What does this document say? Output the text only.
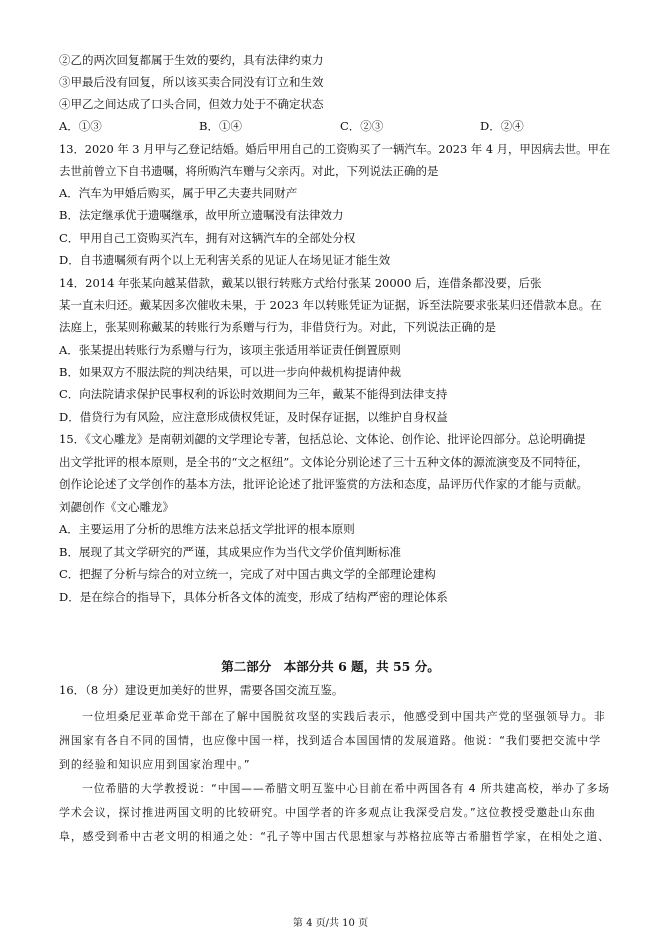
②乙的两次回复都属于生效的要约，具有法律约束力
③甲最后没有回复，所以该买卖合同没有订立和生效
④甲乙之间达成了口头合同，但效力处于不确定状态
A．①③	B．①④	C．②③	D．②④
13．2020 年 3 月甲与乙登记结婚。婚后甲用自己的工资购买了一辆汽车。2023 年 4 月，甲因病去世。甲在
去世前曾立下自书遗嘱，将所购汽车赠与父亲丙。对此，下列说法正确的是
A．汽车为甲婚后购买，属于甲乙夫妻共同财产
B．法定继承优于遗嘱继承，故甲所立遗嘱没有法律效力
C．甲用自己工资购买汽车，拥有对这辆汽车的全部处分权
D．自书遗嘱须有两个以上无利害关系的见证人在场见证才能生效
14．2014 年张某向越某借款，戴某以银行转账方式给付张某 20000 后，连借条都没要，后张
某一直未归还。戴某因多次催收未果，于 2023 年以转账凭证为证据，诉至法院要求张某归还借款本息。在
法庭上，张某则称戴某的转账行为系赠与行为，非借贷行为。对此，下列说法正确的是
A．张某提出转账行为系赠与行为，该项主张适用举证责任倒置原则
B．如果双方不服法院的判决结果，可以进一步向仲裁机构提请仲裁
C．向法院请求保护民事权利的诉讼时效期间为三年，戴某不能得到法律支持
D．借贷行为有风险，应注意形成债权凭证，及时保存证据，以维护自身权益
15．《文心雕龙》是南朝刘勰的文学理论专著，包括总论、文体论、创作论、批评论四部分。总论明确提
出文学批评的根本原则，是全书的“文之枢纽”。文体论分别论述了三十五种文体的源流演变及不同特征，
创作论论述了文学创作的基本方法，批评论论述了批评鉴赏的方法和态度，品评历代作家的才能与贡献。
刘勰创作《文心雕龙》
A．主要运用了分析的思维方法来总括文学批评的根本原则
B．展现了其文学研究的严谨，其成果应作为当代文学价值判断标准
C．把握了分析与综合的对立统一，完成了对中国古典文学的全部理论建构
D．是在综合的指导下，具体分析各文体的流变，形成了结构严密的理论体系
第二部分　本部分共 6 题，共 55 分。
16．（8 分）建设更加美好的世界，需要各国交流互鉴。
一位坦桑尼亚革命党干部在了解中国脱贫攻坚的实践后表示，他感受到中国共产党的坚强领导力。非
洲国家有各自不同的国情，也应像中国一样，找到适合本国国情的发展道路。他说：“我们要把交流中学
到的经验和知识应用到国家治理中。”
一位希腊的大学教授说：“中国——希腊文明互鉴中心目前在希中两国各有 4 所共建高校，举办了多场
学术会议，探讨推进两国文明的比较研究。中国学者的许多观点让我深受启发。”这位教授受邀赴山东曲
阜，感受到希中古老文明的相通之处：“孔子等中国古代思想家与苏格拉底等古希腊哲学家，在相处之道、
第 4 页/共 10 页
